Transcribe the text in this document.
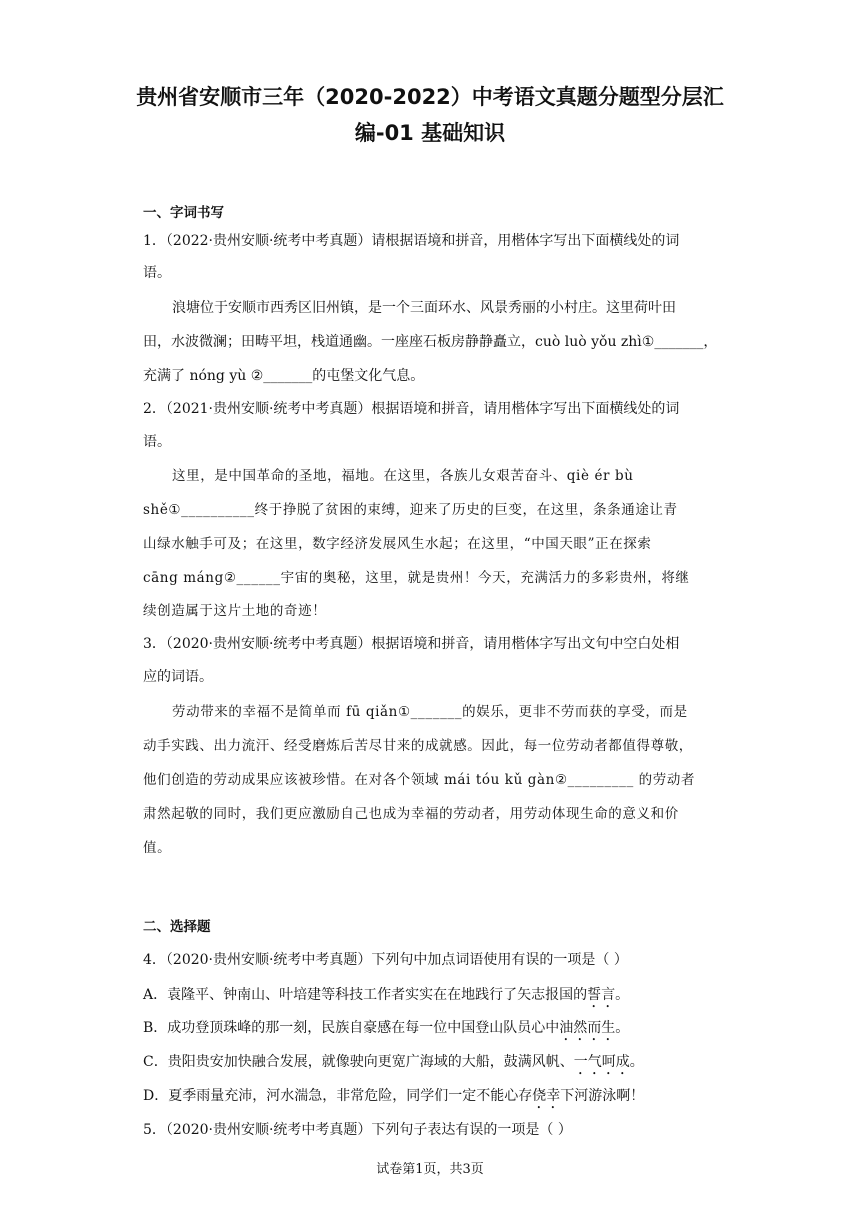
贵州省安顺市三年（2020-2022）中考语文真题分题型分层汇
编-01 基础知识
一、字词书写
1．（2022·贵州安顺·统考中考真题）请根据语境和拼音，用楷体字写出下面横线处的词
语。
浪塘位于安顺市西秀区旧州镇，是一个三面环水、风景秀丽的小村庄。这里荷叶田
田，水波微澜；田畴平坦，栈道通幽。一座座石板房静静矗立，cuò luò yǒu zhì①_______，
充满了 nóng yù ②_______的屯堡文化气息。
2．（2021·贵州安顺·统考中考真题）根据语境和拼音，请用楷体字写出下面横线处的词
语。
这里，是中国革命的圣地，福地。在这里，各族儿女艰苦奋斗、qiè ér bù
shě①__________终于挣脱了贫困的束缚，迎来了历史的巨变，在这里，条条通途让青
山绿水触手可及；在这里，数字经济发展风生水起；在这里，“中国天眼”正在探索
cāng máng②______宇宙的奥秘，这里，就是贵州！今天，充满活力的多彩贵州，将继
续创造属于这片土地的奇迹！
3．（2020·贵州安顺·统考中考真题）根据语境和拼音，请用楷体字写出文句中空白处相
应的词语。
劳动带来的幸福不是简单而 fū qiǎn①_______的娱乐，更非不劳而获的享受，而是
动手实践、出力流汗、经受磨炼后苦尽甘来的成就感。因此，每一位劳动者都值得尊敬，
他们创造的劳动成果应该被珍惜。在对各个领域 mái tóu kǔ gàn②_________ 的劳动者
肃然起敬的同时，我们更应激励自己也成为幸福的劳动者，用劳动体现生命的意义和价
值。
二、选择题
4．（2020·贵州安顺·统考中考真题）下列句中加点词语使用有误的一项是（ ）
A．袁隆平、钟南山、叶培建等科技工作者实实在在地践行了矢志报国的誓言。
B．成功登顶珠峰的那一刻，民族自豪感在每一位中国登山队员心中油然而生。
C．贵阳贵安加快融合发展，就像驶向更宽广海域的大船，鼓满风帆、一气呵成。
D．夏季雨量充沛，河水湍急，非常危险，同学们一定不能心存侥幸下河游泳啊！
5．（2020·贵州安顺·统考中考真题）下列句子表达有误的一项是（ ）
试卷第1页，共3页
